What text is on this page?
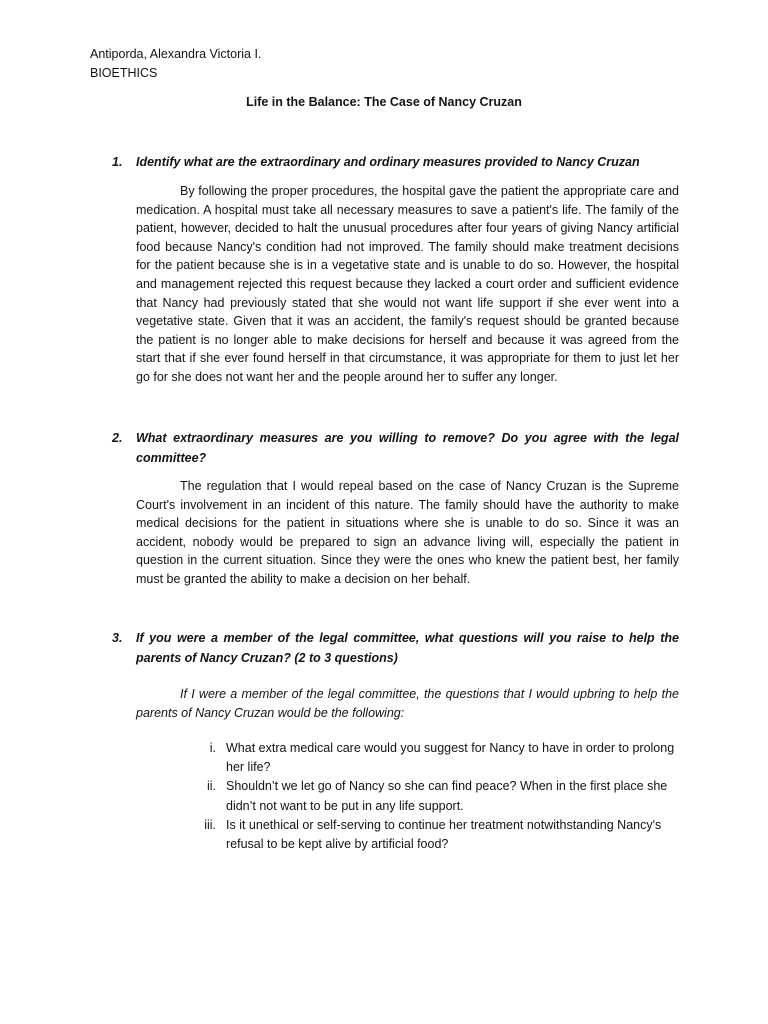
Antiporda, Alexandra Victoria I.
BIOETHICS
Life in the Balance: The Case of Nancy Cruzan
1. Identify what are the extraordinary and ordinary measures provided to Nancy Cruzan

By following the proper procedures, the hospital gave the patient the appropriate care and medication. A hospital must take all necessary measures to save a patient's life. The family of the patient, however, decided to halt the unusual procedures after four years of giving Nancy artificial food because Nancy's condition had not improved. The family should make treatment decisions for the patient because she is in a vegetative state and is unable to do so. However, the hospital and management rejected this request because they lacked a court order and sufficient evidence that Nancy had previously stated that she would not want life support if she ever went into a vegetative state. Given that it was an accident, the family's request should be granted because the patient is no longer able to make decisions for herself and because it was agreed from the start that if she ever found herself in that circumstance, it was appropriate for them to just let her go for she does not want her and the people around her to suffer any longer.

2. What extraordinary measures are you willing to remove? Do you agree with the legal committee?

The regulation that I would repeal based on the case of Nancy Cruzan is the Supreme Court's involvement in an incident of this nature. The family should have the authority to make medical decisions for the patient in situations where she is unable to do so. Since it was an accident, nobody would be prepared to sign an advance living will, especially the patient in question in the current situation. Since they were the ones who knew the patient best, her family must be granted the ability to make a decision on her behalf.

3. If you were a member of the legal committee, what questions will you raise to help the parents of Nancy Cruzan? (2 to 3 questions)

If I were a member of the legal committee, the questions that I would upbring to help the parents of Nancy Cruzan would be the following:

i. What extra medical care would you suggest for Nancy to have in order to prolong her life?
ii. Shouldn’t we let go of Nancy so she can find peace? When in the first place she didn’t not want to be put in any life support.
iii. Is it unethical or self-serving to continue her treatment notwithstanding Nancy's refusal to be kept alive by artificial food?
